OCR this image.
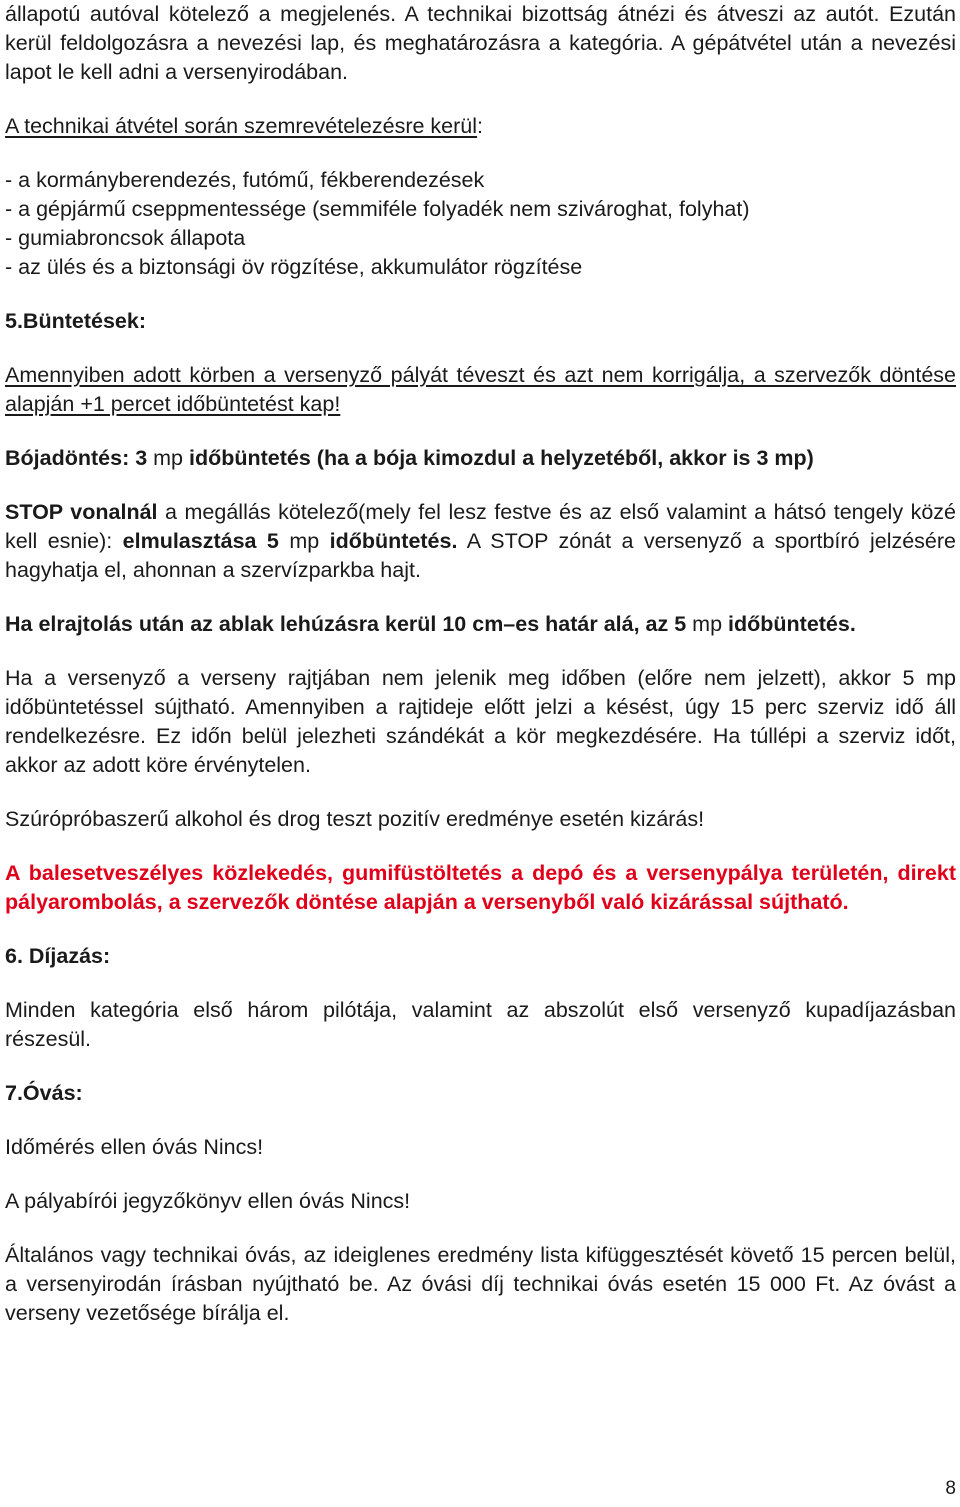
állapotú autóval kötelező a megjelenés. A technikai bizottság átnézi és átveszi az autót. Ezután kerül feldolgozásra a nevezési lap, és meghatározásra a kategória. A gépátvétel után a nevezési lapot le kell adni a versenyirodában.

A technikai átvétel során szemrevételezésre kerül:

- a kormányberendezés, futómű, fékberendezések

- a gépjármű cseppmentessége (semmiféle folyadék nem szivároghat, folyhat)

- gumiabroncsok állapota

- az ülés és a biztonsági öv rögzítése, akkumulátor rögzítése

5.Büntetések:

Amennyiben adott körben a versenyző pályát téveszt és azt nem korrigálja, a szervezők döntése alapján +1 percet időbüntetést kap!

Bójadöntés: 3 mp időbüntetés (ha a bója kimozdul a helyzetéből, akkor is 3 mp)

STOP vonalnál a megállás kötelező(mely fel lesz festve és az első valamint a hátsó tengely közé kell esnie): elmulasztása 5 mp időbüntetés. A STOP zónát a versenyző a sportbíró jelzésére hagyhatja el, ahonnan a szervízparkba hajt.

Ha elrajtolás után az ablak lehúzásra kerül 10 cm–es határ alá, az 5 mp időbüntetés.

Ha a versenyző a verseny rajtjában nem jelenik meg időben (előre nem jelzett), akkor 5 mp időbüntetéssel sújtható. Amennyiben a rajtideje előtt jelzi a késést, úgy 15 perc szerviz idő áll rendelkezésre. Ez időn belül jelezheti szándékát a kör megkezdésére. Ha túllépi a szerviz időt, akkor az adott köre érvénytelen.

Szúrópróbaszerű alkohol és drog teszt pozitív eredménye esetén kizárás!

A balesetveszélyes közlekedés, gumifüstöltetés a depó és a versenypálya területén, direkt pályarombolás, a szervezők döntése alapján a versenyből való kizárással sújtható.

6. Díjazás:

Minden kategória első három pilótája, valamint az abszolút első versenyző kupadíjazásban részesül.

7.Óvás:

Időmérés ellen óvás Nincs!

A pályabírói jegyzőkönyv ellen óvás Nincs!

Általános vagy technikai óvás, az ideiglenes eredmény lista kifüggesztését követő 15 percen belül, a versenyirodán írásban nyújtható be. Az óvási díj technikai óvás esetén 15 000 Ft. Az óvást a verseny vezetősége bírálja el.

8
